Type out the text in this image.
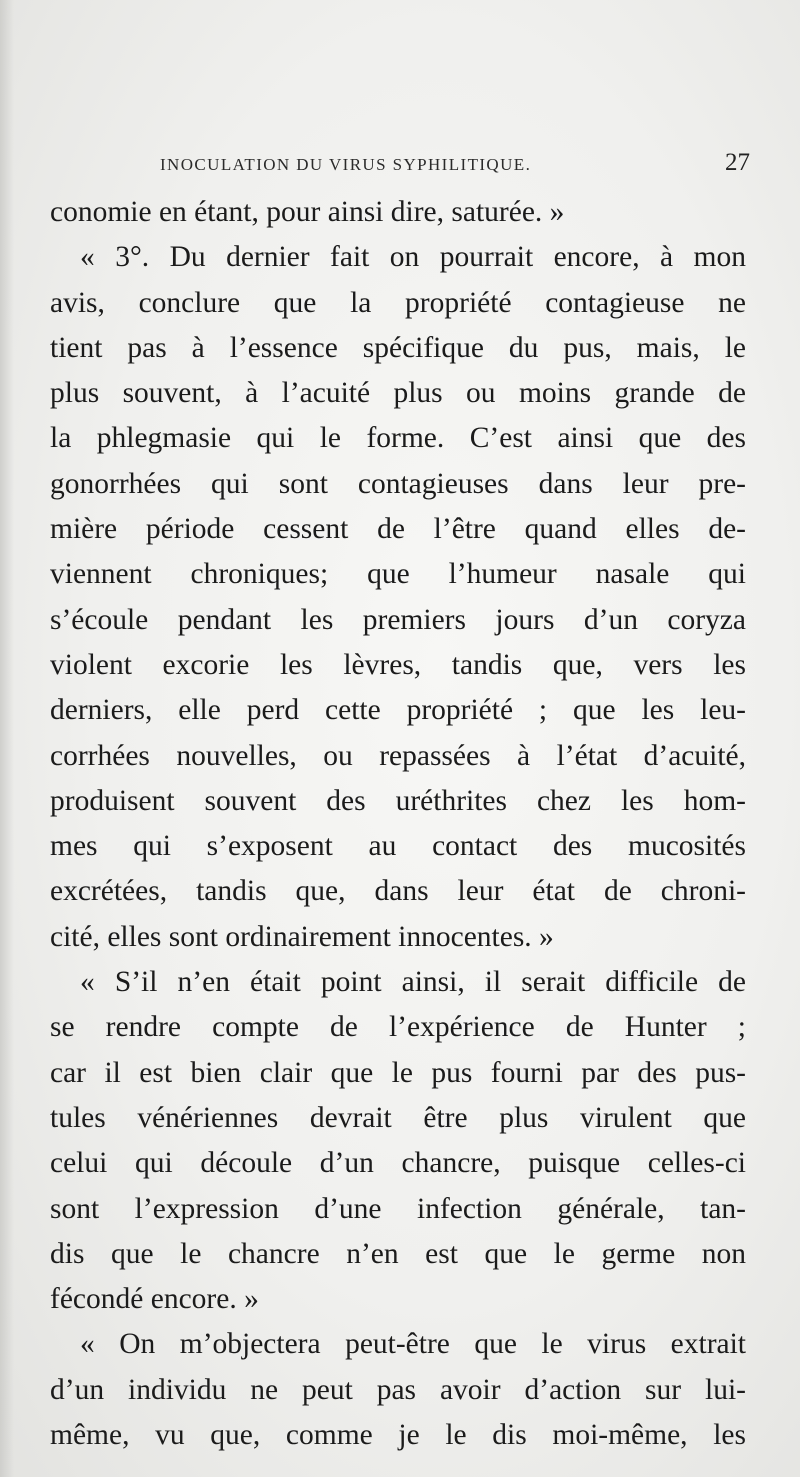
INOCULATION DU VIRUS SYPHILITIQUE.	27
conomie en étant, pour ainsi dire, saturée. »
« 3°. Du dernier fait on pourrait encore, à mon
avis, conclure que la propriété contagieuse ne
tient pas à l’essence spécifique du pus, mais, le
plus souvent, à l’acuité plus ou moins grande de
la phlegmasie qui le forme. C’est ainsi que des
gonorrhées qui sont contagieuses dans leur pre-
mière période cessent de l’être quand elles de-
viennent chroniques; que l’humeur nasale qui
s’écoule pendant les premiers jours d’un coryza
violent excorie les lèvres, tandis que, vers les
derniers, elle perd cette propriété ; que les leu-
corrhées nouvelles, ou repassées à l’état d’acuité,
produisent souvent des uréthrites chez les hom-
mes qui s’exposent au contact des mucosités
excrétées, tandis que, dans leur état de chroni-
cité, elles sont ordinairement innocentes. »
« S’il n’en était point ainsi, il serait difficile de
se rendre compte de l’expérience de Hunter ;
car il est bien clair que le pus fourni par des pus-
tules vénériennes devrait être plus virulent que
celui qui découle d’un chancre, puisque celles-ci
sont l’expression d’une infection générale, tan-
dis que le chancre n’en est que le germe non
fécondé encore. »
« On m’objectera peut-être que le virus extrait
d’un individu ne peut pas avoir d’action sur lui-
même, vu que, comme je le dis moi-même, les
